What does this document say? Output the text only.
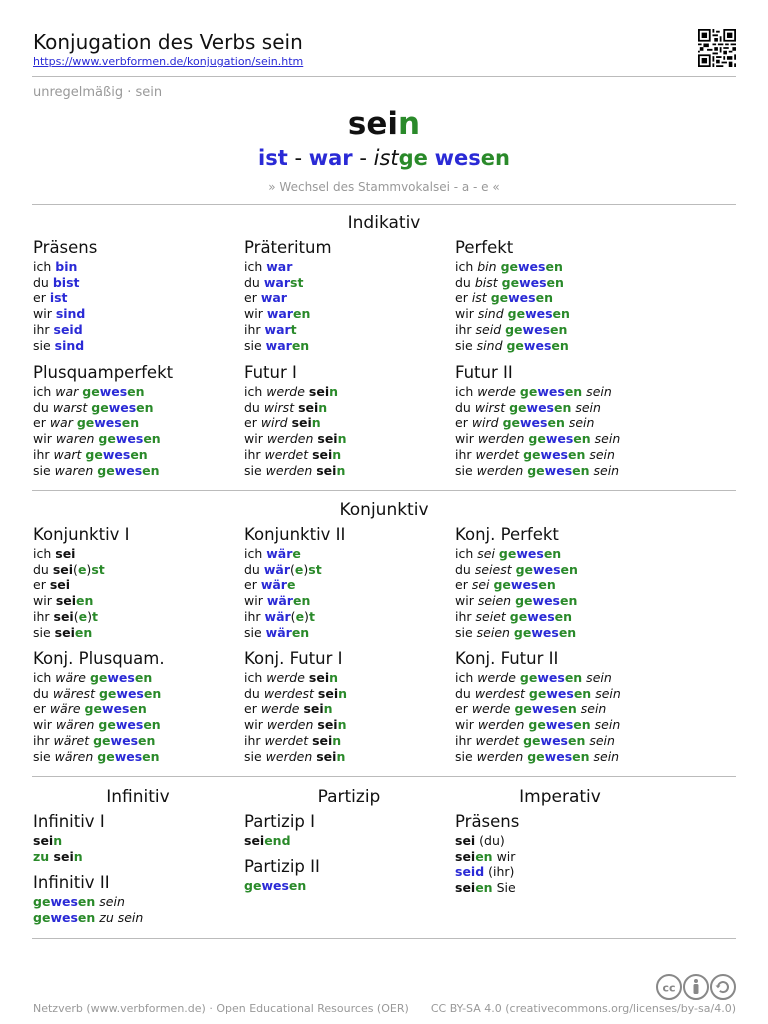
Konjugation des Verbs sein
https://www.verbformen.de/konjugation/sein.htm
unregelmäßig · sein
sein
ist - war - istge wesen
» Wechsel des Stammvokalsei - a - e «
Indikativ
Präsens
ich bin
du bist
er ist
wir sind
ihr seid
sie sind
Präteritum
ich war
du warst
er war
wir waren
ihr wart
sie waren
Perfekt
ich bin gewesen
du bist gewesen
er ist gewesen
wir sind gewesen
ihr seid gewesen
sie sind gewesen
Plusquamperfekt
ich war gewesen
du warst gewesen
er war gewesen
wir waren gewesen
ihr wart gewesen
sie waren gewesen
Futur I
ich werde sein
du wirst sein
er wird sein
wir werden sein
ihr werdet sein
sie werden sein
Futur II
ich werde gewesen sein
du wirst gewesen sein
er wird gewesen sein
wir werden gewesen sein
ihr werdet gewesen sein
sie werden gewesen sein
Konjunktiv
Konjunktiv I
ich sei
du sei(e)st
er sei
wir seien
ihr sei(e)t
sie seien
Konjunktiv II
ich wäre
du wär(e)st
er wäre
wir wären
ihr wär(e)t
sie wären
Konj. Perfekt
ich sei gewesen
du seiest gewesen
er sei gewesen
wir seien gewesen
ihr seiet gewesen
sie seien gewesen
Konj. Plusquam.
ich wäre gewesen
du wärest gewesen
er wäre gewesen
wir wären gewesen
ihr wäret gewesen
sie wären gewesen
Konj. Futur I
ich werde sein
du werdest sein
er werde sein
wir werden sein
ihr werdet sein
sie werden sein
Konj. Futur II
ich werde gewesen sein
du werdest gewesen sein
er werde gewesen sein
wir werden gewesen sein
ihr werdet gewesen sein
sie werden gewesen sein
Infinitiv	Partizip	Imperativ
Infinitiv I
sein
zu sein
Infinitiv II
gewesen sein
gewesen zu sein
Partizip I
seiend
Partizip II
gewesen
Präsens
sei (du)
seien wir
seid (ihr)
seien Sie
cc
Netzverb (www.verbformen.de) · Open Educational Resources (OER) CC BY-SA 4.0 (creativecommons.org/licenses/by-sa/4.0)
